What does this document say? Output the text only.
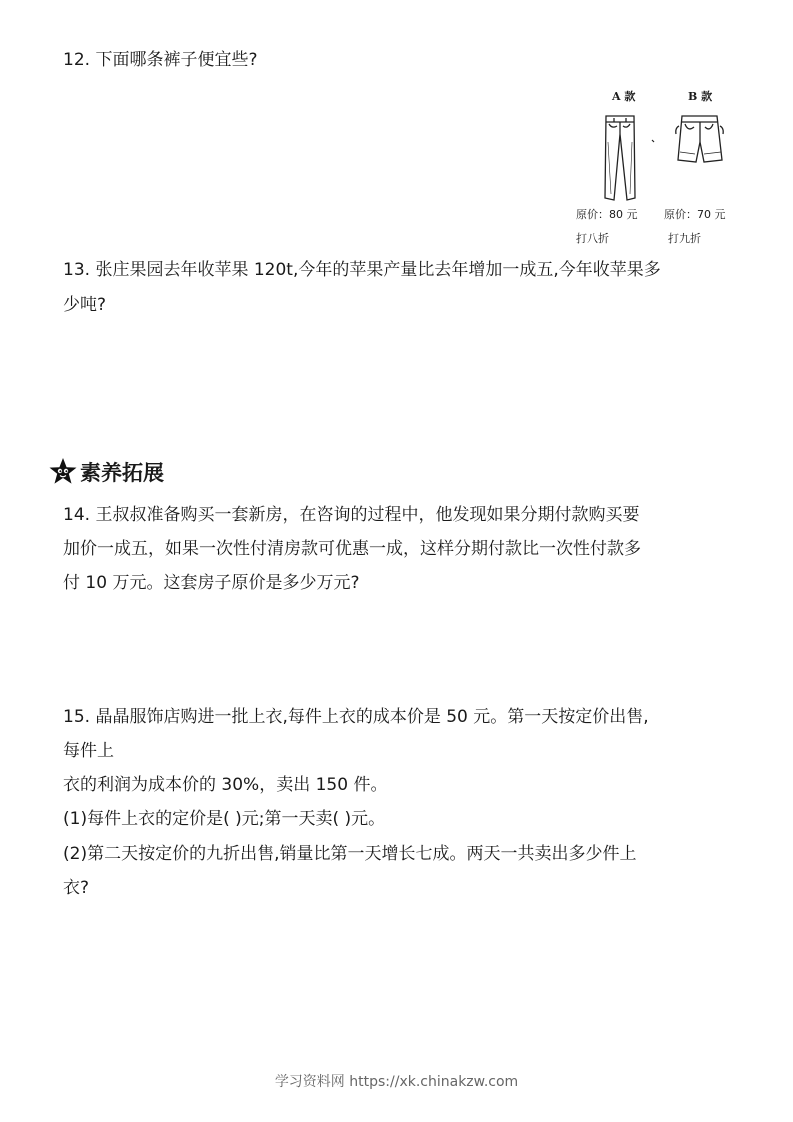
12. 下面哪条裤子便宜些?
A 款	B 款
原价：80 元 原价：70 元
打八折	打九折
13. 张庄果园去年收苹果 120t,今年的苹果产量比去年增加一成五,今年收苹果多
少吨?
素养拓展
14. 王叔叔准备购买一套新房，在咨询的过程中，他发现如果分期付款购买要
加价一成五，如果一次性付清房款可优惠一成，这样分期付款比一次性付款多
付 10 万元。这套房子原价是多少万元?
15. 晶晶服饰店购进一批上衣,每件上衣的成本价是 50 元。第一天按定价出售,
每件上
衣的利润为成本价的 30%，卖出 150 件。
(1)每件上衣的定价是( )元;第一天卖( )元。
(2)第二天按定价的九折出售,销量比第一天增长七成。两天一共卖出多少件上
衣?
学习资料网 https://xk.chinakzw.com
